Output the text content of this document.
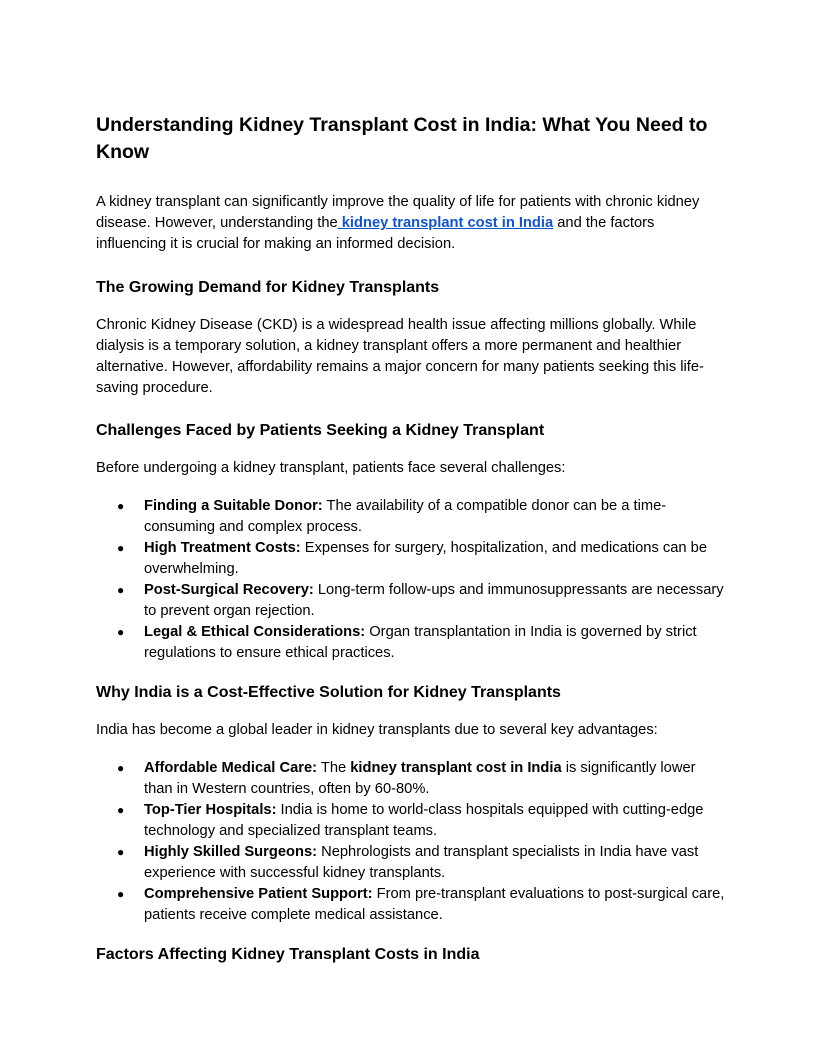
Understanding Kidney Transplant Cost in India: What You Need to Know

A kidney transplant can significantly improve the quality of life for patients with chronic kidney disease. However, understanding the kidney transplant cost in India and the factors influencing it is crucial for making an informed decision.

The Growing Demand for Kidney Transplants

Chronic Kidney Disease (CKD) is a widespread health issue affecting millions globally. While dialysis is a temporary solution, a kidney transplant offers a more permanent and healthier alternative. However, affordability remains a major concern for many patients seeking this life-saving procedure.

Challenges Faced by Patients Seeking a Kidney Transplant

Before undergoing a kidney transplant, patients face several challenges:

● Finding a Suitable Donor: The availability of a compatible donor can be a time-consuming and complex process.
● High Treatment Costs: Expenses for surgery, hospitalization, and medications can be overwhelming.
● Post-Surgical Recovery: Long-term follow-ups and immunosuppressants are necessary to prevent organ rejection.
● Legal & Ethical Considerations: Organ transplantation in India is governed by strict regulations to ensure ethical practices.
Why India is a Cost-Effective Solution for Kidney Transplants

India has become a global leader in kidney transplants due to several key advantages:

● Affordable Medical Care: The kidney transplant cost in India is significantly lower than in Western countries, often by 60-80%.
● Top-Tier Hospitals: India is home to world-class hospitals equipped with cutting-edge technology and specialized transplant teams.
● Highly Skilled Surgeons: Nephrologists and transplant specialists in India have vast experience with successful kidney transplants.
● Comprehensive Patient Support: From pre-transplant evaluations to post-surgical care, patients receive complete medical assistance.
Factors Affecting Kidney Transplant Costs in India
